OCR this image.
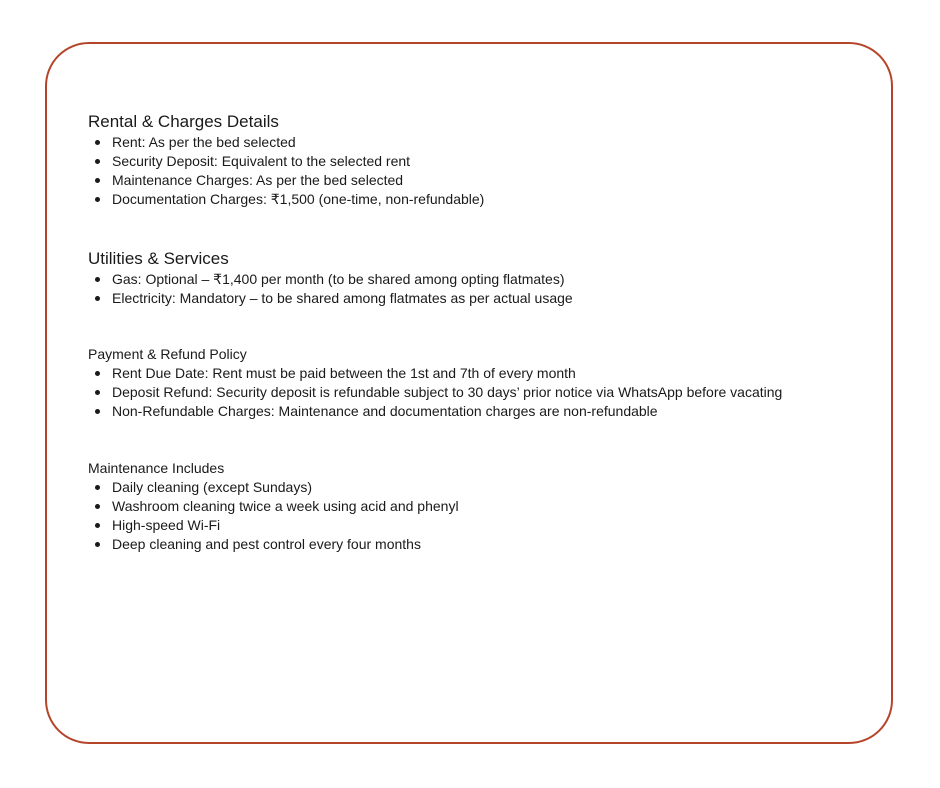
Rental & Charges Details
Rent: As per the bed selected
Security Deposit: Equivalent to the selected rent
Maintenance Charges: As per the bed selected
Documentation Charges: ₹1,500 (one-time, non-refundable)
Utilities & Services
Gas: Optional – ₹1,400 per month (to be shared among opting flatmates)
Electricity: Mandatory – to be shared among flatmates as per actual usage
Payment & Refund Policy
Rent Due Date: Rent must be paid between the 1st and 7th of every month
Deposit Refund: Security deposit is refundable subject to 30 days’ prior notice via WhatsApp before vacating
Non-Refundable Charges: Maintenance and documentation charges are non-refundable
Maintenance Includes
Daily cleaning (except Sundays)
Washroom cleaning twice a week using acid and phenyl
High-speed Wi-Fi
Deep cleaning and pest control every four months
